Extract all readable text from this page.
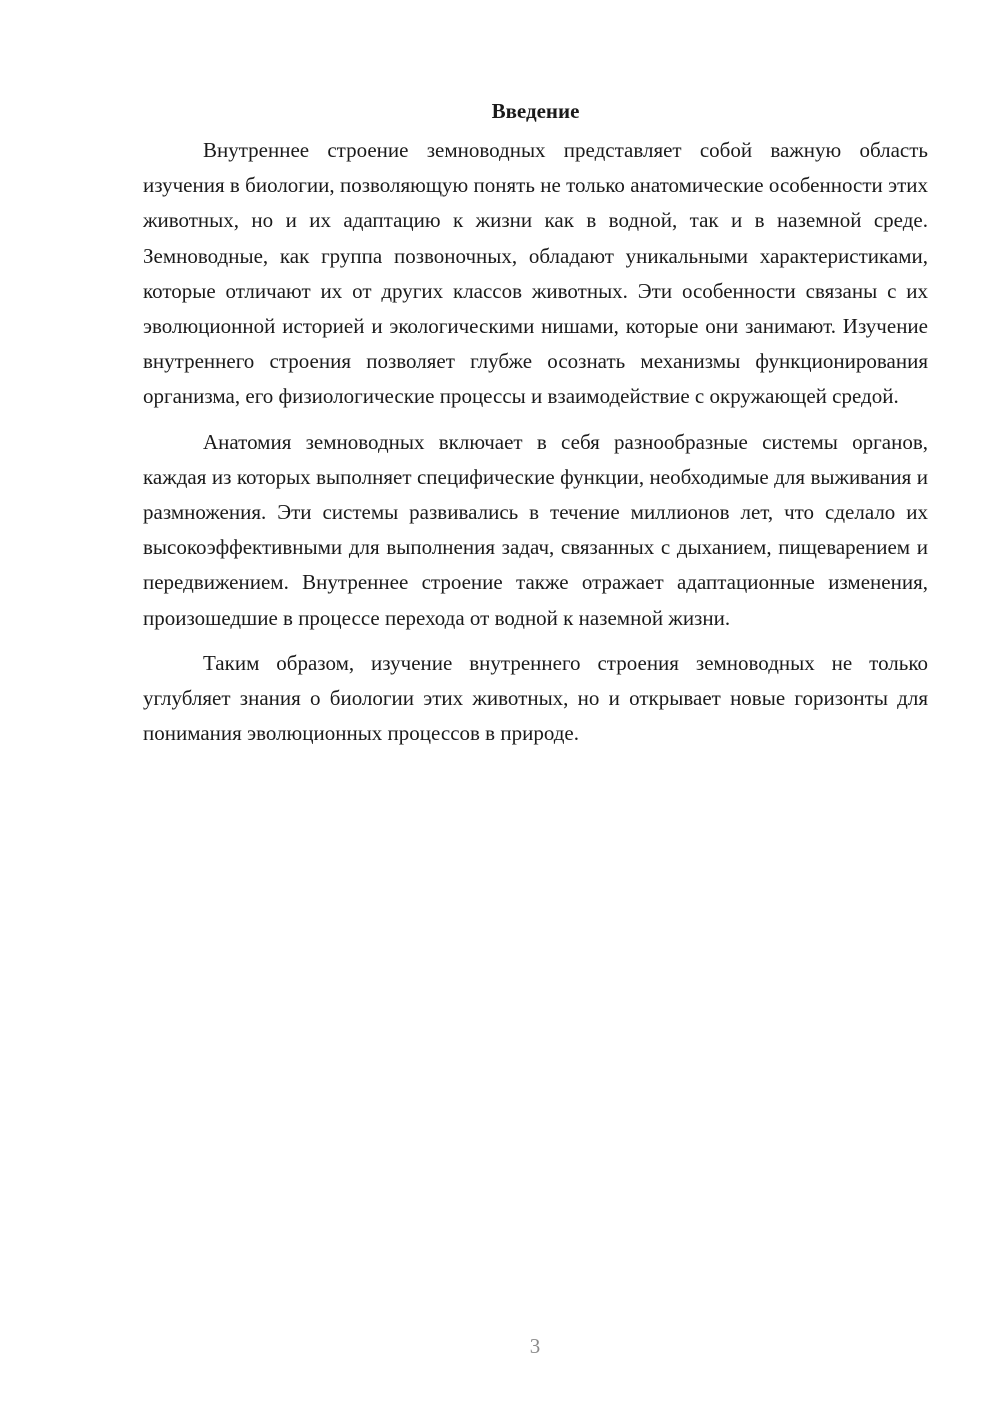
Введение

Внутреннее строение земноводных представляет собой важную область изучения в биологии, позволяющую понять не только анатомические особенности этих животных, но и их адаптацию к жизни как в водной, так и в наземной среде. Земноводные, как группа позвоночных, обладают уникальными характеристиками, которые отличают их от других классов животных. Эти особенности связаны с их эволюционной историей и экологическими нишами, которые они занимают. Изучение внутреннего строения позволяет глубже осознать механизмы функционирования организма, его физиологические процессы и взаимодействие с окружающей средой.

Анатомия земноводных включает в себя разнообразные системы органов, каждая из которых выполняет специфические функции, необходимые для выживания и размножения. Эти системы развивались в течение миллионов лет, что сделало их высокоэффективными для выполнения задач, связанных с дыханием, пищеварением и передвижением. Внутреннее строение также отражает адаптационные изменения, произошедшие в процессе перехода от водной к наземной жизни.

Таким образом, изучение внутреннего строения земноводных не только углубляет знания о биологии этих животных, но и открывает новые горизонты для понимания эволюционных процессов в природе.

3
